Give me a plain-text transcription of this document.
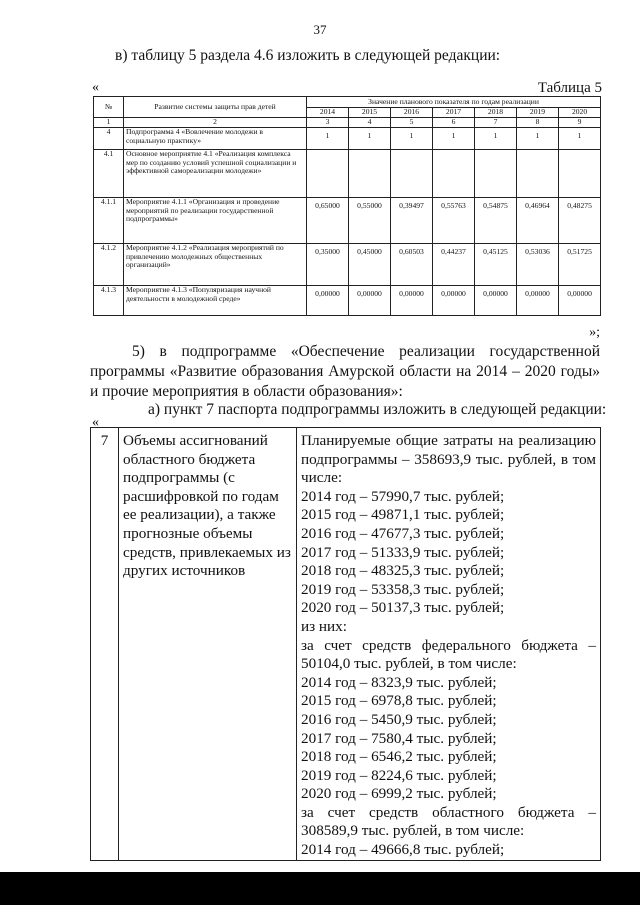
37
в) таблицу 5 раздела 4.6 изложить в следующей редакции:
«	Таблица 5
№	Развитие системы защиты прав детей	Значение планового показателя по годам реализации						
		2014	2015	2016	2017	2018	2019	2020
1	2	3	4	5	6	7	8	9
4	Подпрограмма 4 «Вовлечение молодежи в социальную практику»	1	1	1	1	1	1	1
4.1	Основное мероприятие 4.1 «Реализация комплекса мер по созданию условий успешной социализации и эффективной самореализации молодежи»							
4.1.1	Мероприятие 4.1.1 «Организация и проведение мероприятий по реализации государственной подпрограммы»	0,65000	0,55000	0,39497	0,55763	0,54875	0,46964	0,48275
4.1.2	Мероприятие 4.1.2 «Реализация мероприятий по привлечению молодежных общественных организаций»	0,35000	0,45000	0,60503	0,44237	0,45125	0,53036	0,51725
4.1.3	Мероприятие 4.1.3 «Популяризация научной деятельности в молодежной среде»	0,00000	0,00000	0,00000	0,00000	0,00000	0,00000	0,00000
»;
5) в подпрограмме «Обеспечение реализации государственной
программы «Развитие образования Амурской области на 2014 – 2020 годы» и прочие мероприятия в области образования»:
а) пункт 7 паспорта подпрограммы изложить в следующей редакции:
«
7	Объемы ассигнований областного бюджета подпрограммы (с расшифровкой по годам ее реализации), а также прогнозные объемы средств, привлекаемых из других источников	
Планируемые общие затраты на реализацию
подпрограммы – 358693,9 тыс. рублей, в том
числе:
2014 год – 57990,7 тыс. рублей;
2015 год – 49871,1 тыс. рублей;
2016 год – 47677,3 тыс. рублей;
2017 год – 51333,9 тыс. рублей;
2018 год – 48325,3 тыс. рублей;
2019 год – 53358,3 тыс. рублей;
2020 год – 50137,3 тыс. рублей;
из них:
за счет средств федерального бюджета –
50104,0 тыс. рублей, в том числе:
2014 год – 8323,9 тыс. рублей;
2015 год – 6978,8 тыс. рублей;
2016 год – 5450,9 тыс. рублей;
2017 год – 7580,4 тыс. рублей;
2018 год – 6546,2 тыс. рублей;
2019 год – 8224,6 тыс. рублей;
2020 год – 6999,2 тыс. рублей;
за счет средств областного бюджета –
308589,9 тыс. рублей, в том числе:
2014 год – 49666,8 тыс. рублей;
